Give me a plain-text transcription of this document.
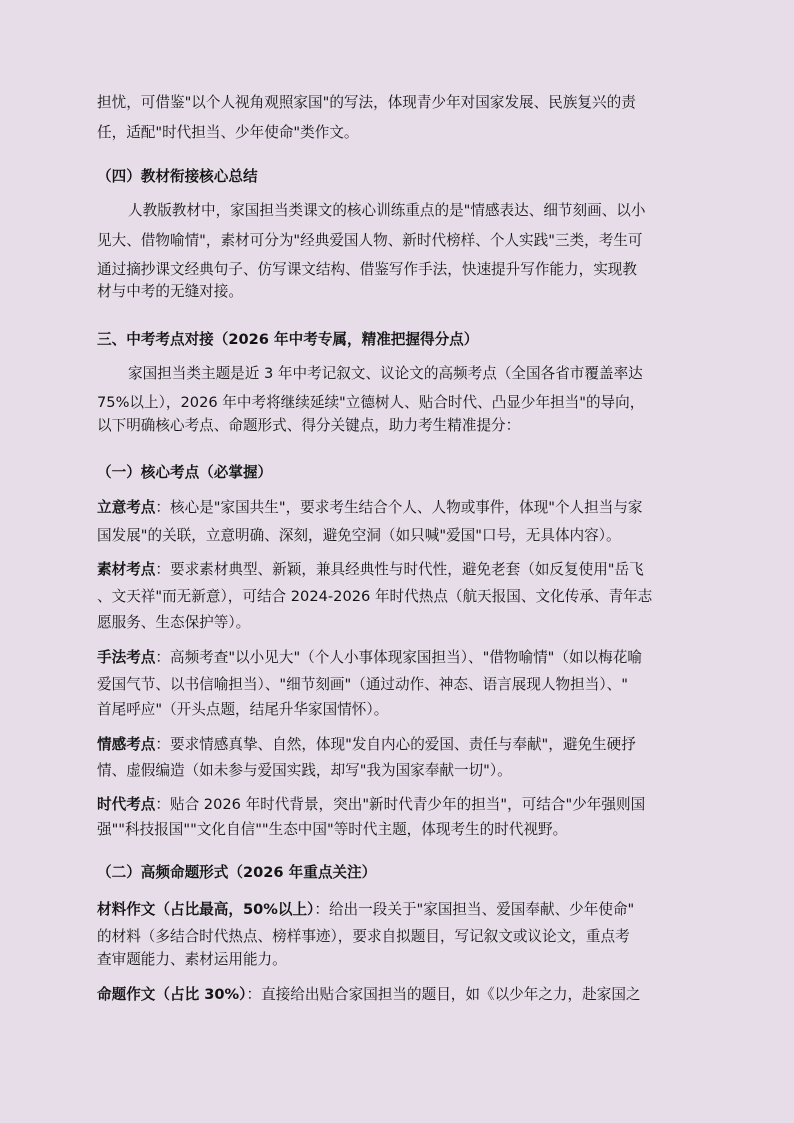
担忧，可借鉴"以个人视角观照家国"的写法，体现青少年对国家发展、民族复兴的责
任，适配"时代担当、少年使命"类作文。
（四）教材衔接核心总结
人教版教材中，家国担当类课文的核心训练重点的是"情感表达、细节刻画、以小
见大、借物喻情"，素材可分为"经典爱国人物、新时代榜样、个人实践"三类，考生可
通过摘抄课文经典句子、仿写课文结构、借鉴写作手法，快速提升写作能力，实现教
材与中考的无缝对接。
三、中考考点对接（2026 年中考专属，精准把握得分点）
家国担当类主题是近 3 年中考记叙文、议论文的高频考点（全国各省市覆盖率达
75%以上），2026 年中考将继续延续"立德树人、贴合时代、凸显少年担当"的导向，
以下明确核心考点、命题形式、得分关键点，助力考生精准提分：
（一）核心考点（必掌握）
立意考点：核心是"家国共生"，要求考生结合个人、人物或事件，体现"个人担当与家
国发展"的关联，立意明确、深刻，避免空洞（如只喊"爱国"口号，无具体内容）。
素材考点：要求素材典型、新颖，兼具经典性与时代性，避免老套（如反复使用"岳飞
、文天祥"而无新意），可结合 2024-2026 年时代热点（航天报国、文化传承、青年志
愿服务、生态保护等）。
手法考点：高频考查"以小见大"（个人小事体现家国担当）、"借物喻情"（如以梅花喻
爱国气节、以书信喻担当）、"细节刻画"（通过动作、神态、语言展现人物担当）、"
首尾呼应"（开头点题，结尾升华家国情怀）。
情感考点：要求情感真挚、自然，体现"发自内心的爱国、责任与奉献"，避免生硬抒
情、虚假编造（如未参与爱国实践，却写"我为国家奉献一切"）。
时代考点：贴合 2026 年时代背景，突出"新时代青少年的担当"，可结合"少年强则国
强""科技报国""文化自信""生态中国"等时代主题，体现考生的时代视野。
（二）高频命题形式（2026 年重点关注）
材料作文（占比最高，50%以上）：给出一段关于"家国担当、爱国奉献、少年使命"
的材料（多结合时代热点、榜样事迹），要求自拟题目，写记叙文或议论文，重点考
查审题能力、素材运用能力。
命题作文（占比 30%）：直接给出贴合家国担当的题目，如《以少年之力，赴家国之
